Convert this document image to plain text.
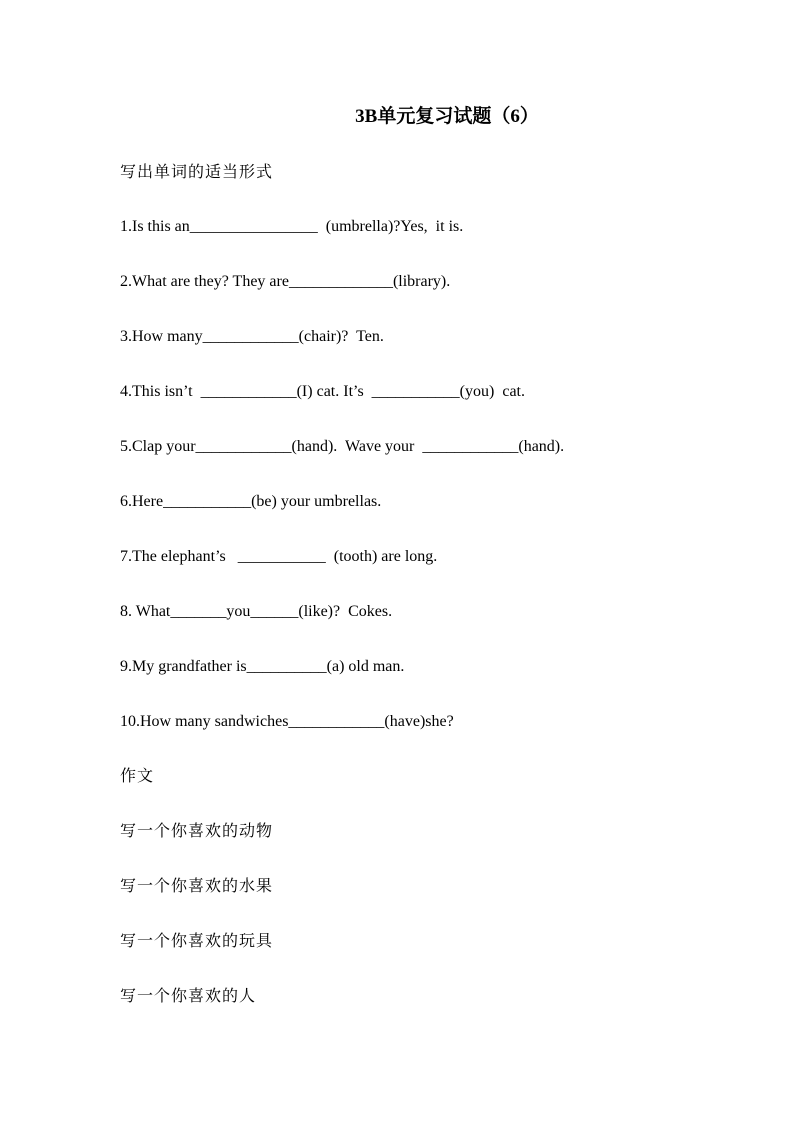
3B单元复习试题（6）
写出单词的适当形式
1.Is this an________________  (umbrella)?Yes,  it is.
2.What are they? They are_____________(library).
3.How many____________(chair)?  Ten.
4.This isn’t  ____________(I) cat. It’s  ___________(you)  cat.
5.Clap your____________(hand).  Wave your  ____________(hand).
6.Here___________(be) your umbrellas.
7.The elephant’s   ___________  (tooth) are long.
8. What_______you______(like)?  Cokes.
9.My grandfather is__________(a) old man.
10.How many sandwiches____________(have)she?
作文
写一个你喜欢的动物
写一个你喜欢的水果
写一个你喜欢的玩具
写一个你喜欢的人
